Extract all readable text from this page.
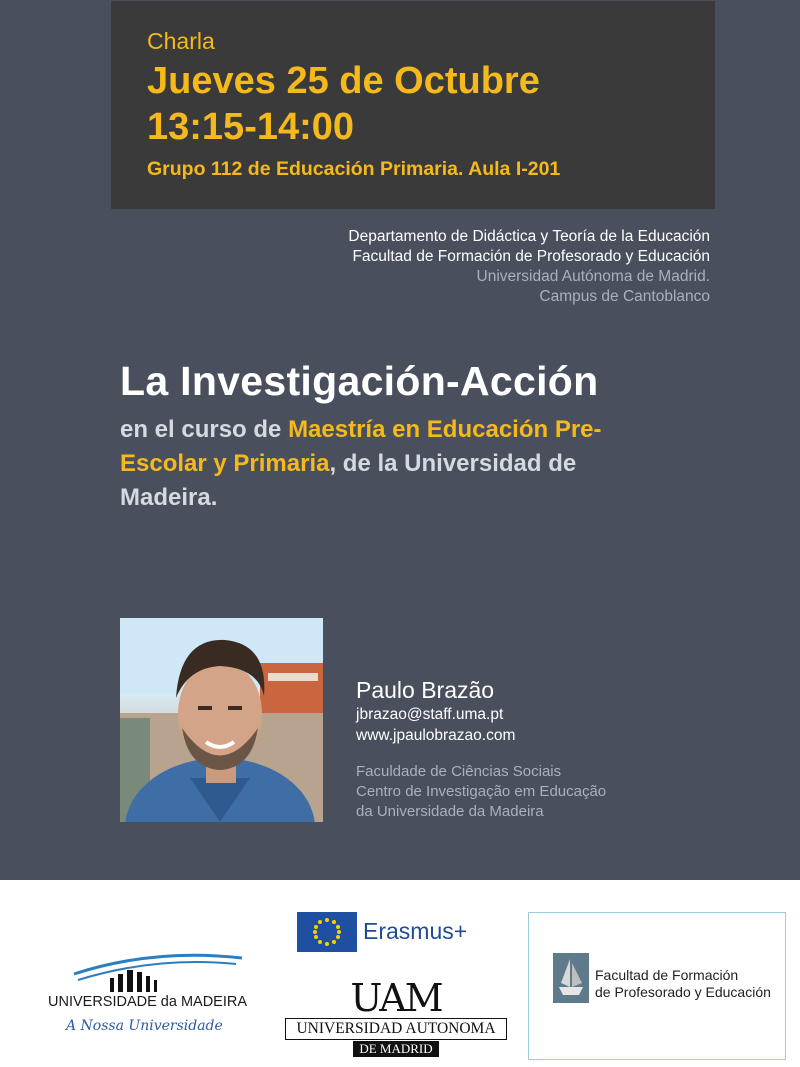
Charla
Jueves 25 de Octubre
13:15-14:00
Grupo 112 de Educación Primaria. Aula I-201
Departamento de Didáctica y Teoría de la Educación
Facultad de Formación de Profesorado y Educación
Universidad Autónoma de Madrid.
Campus de Cantoblanco
La Investigación-Acción
en el curso de Maestría en Educación Pre-Escolar y Primaria, de la Universidad de Madeira.
Paulo Brazão
jbrazao@staff.uma.pt
www.jpaulobrazao.com
Faculdade de Ciências Sociais
Centro de Investigação em Educação
da Universidade da Madeira
UNIVERSIDADE da MADEIRA
A Nossa Universidade
Erasmus+
UAM
UNIVERSIDAD AUTONOMA
DE MADRID
Facultad de Formación
de Profesorado y Educación
